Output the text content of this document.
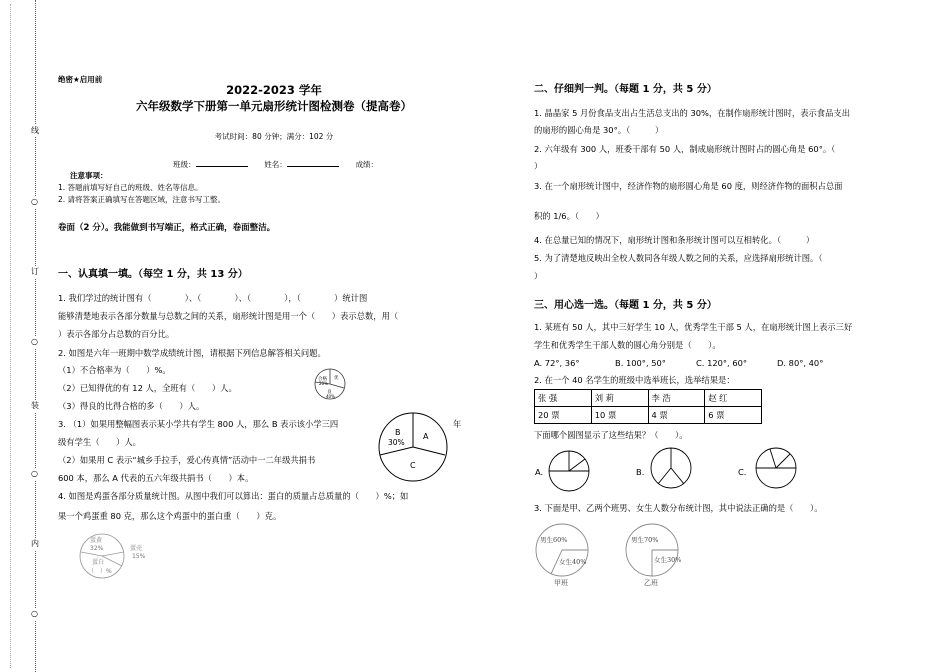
线
○
订
○
装
○
内
○
绝密★启用前
2022-2023 学年
六年级数学下册第一单元扇形统计图检测卷（提高卷）
考试时间：80 分钟；满分：102 分
班级：	姓名：	成绩：
注意事项：
1. 答题前填写好自己的班级、姓名等信息。
2. 请将答案正确填写在答题区域，注意书写工整。
卷面（2 分）。我能做到书写端正，格式正确，卷面整洁。
一、认真填一填。（每空 1 分，共 13 分）
1. 我们学过的统计图有（　　　　）、（　　　　）、（　　　　），（　　　　）统计图
能够清楚地表示各部分数量与总数之间的关系，扇形统计图是用一个（　　）表示总数，用（
）表示各部分占总数的百分比。
2. 如图是六年一班期中数学成绩统计图，请根据下列信息解答相关问题。
（1）不合格率为（　　）%。
（2）已知得优的有 12 人，全班有（　　）人。
（3）得良的比得合格的多（　　）人。
合格
20%
优
良
40%
3. （1）如果用整幅图表示某小学共有学生 800 人，那么 B 表示该小学三四	年
级有学生（　　）人。
（2）如果用 C 表示“城乡手拉手，爱心传真情”活动中一二年级共捐书
600 本，那么 A 代表的五六年级共捐书（　　）本。
B
30%
A
C
4. 如图是鸡蛋各部分质量统计图。从图中我们可以算出：蛋白的质量占总质量的（　　）%；如
果一个鸡蛋重 80 克，那么这个鸡蛋中的蛋白重（　　）克。
蛋黄
32%
蛋白
（　）%
蛋壳
15%
二、仔细判一判。（每题 1 分，共 5 分）
1. 晶晶家 5 月份食品支出占生活总支出的 30%，在制作扇形统计图时，表示食品支出
的扇形的圆心角是 30°。（　　　）
2. 六年级有 300 人，班委干部有 50 人，制成扇形统计图时占的圆心角是 60°。（
）
3. 在一个扇形统计图中，经济作物的扇形圆心角是 60 度，则经济作物的面积占总面
积的 1/6。（　　）
4. 在总量已知的情况下，扇形统计图和条形统计图可以互相转化。（　　　）
5. 为了清楚地反映出全校人数同各年级人数之间的关系，应选择扇形统计图。（
）
三、用心选一选。（每题 1 分，共 5 分）
1. 某班有 50 人，其中三好学生 10 人，优秀学生干部 5 人，在扇形统计图上表示三好
学生和优秀学生干部人数的圆心角分别是（　　）。
A. 72°, 36°	B. 100°, 50°	C. 120°, 60°	D. 80°, 40°
2. 在一个 40 名学生的班级中选举班长，选举结果是：
张 强	刘 莉	李 浩	赵 红
20 票	10 票	4 票	6 票
下面哪个圆图显示了这些结果？（　　）。
A.	B.	C.
3. 下面是甲、乙两个班男、女生人数分布统计图，其中说法正确的是（　　）。
男生60%
女生40%
甲班
男生70%
女生30%
乙班
